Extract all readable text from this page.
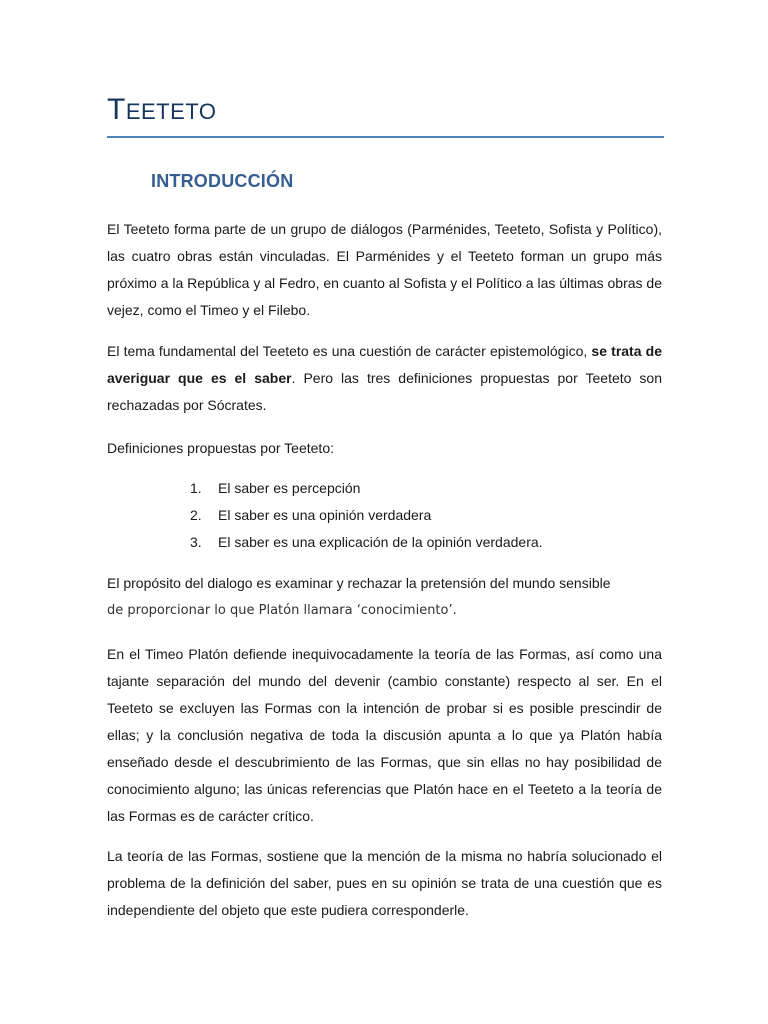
TEETETO
INTRODUCCIÓN

El Teeteto forma parte de un grupo de diálogos (Parménides, Teeteto, Sofista y Político), las cuatro obras están vinculadas. El Parménides y el Teeteto forman un grupo más próximo a la República y al Fedro, en cuanto al Sofista y el Político a las últimas obras de vejez, como el Timeo y el Filebo.

El tema fundamental del Teeteto es una cuestión de carácter epistemológico, se trata de averiguar que es el saber. Pero las tres definiciones propuestas por Teeteto son rechazadas por Sócrates.

Definiciones propuestas por Teeteto:

1.	El saber es percepción
2.	El saber es una opinión verdadera
3.	El saber es una explicación de la opinión verdadera.

El propósito del dialogo es examinar y rechazar la pretensión del mundo sensible
de proporcionar lo que Platón llamara ‘conocimiento’.

En el Timeo Platón defiende inequivocadamente la teoría de las Formas, así como una tajante separación del mundo del devenir (cambio constante) respecto al ser. En el Teeteto se excluyen las Formas con la intención de probar si es posible prescindir de ellas; y la conclusión negativa de toda la discusión apunta a lo que ya Platón había enseñado desde el descubrimiento de las Formas, que sin ellas no hay posibilidad de conocimiento alguno; las únicas referencias que Platón hace en el Teeteto a la teoría de las Formas es de carácter crítico.

La teoría de las Formas, sostiene que la mención de la misma no habría solucionado el problema de la definición del saber, pues en su opinión se trata de una cuestión que es independiente del objeto que este pudiera corresponderle.
